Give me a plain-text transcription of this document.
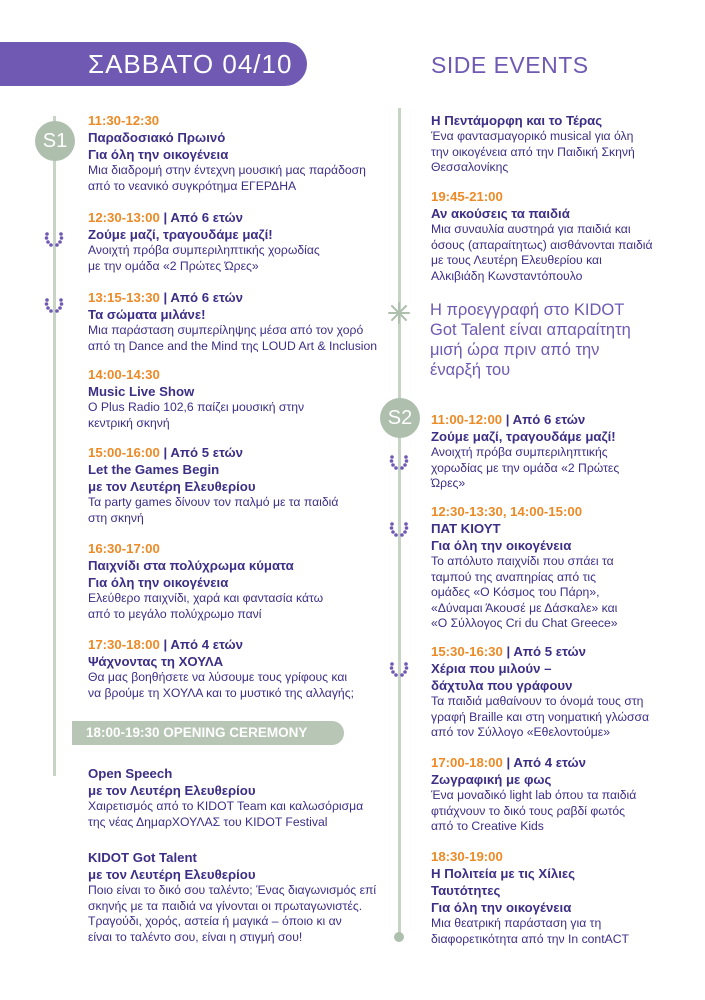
ΣΑΒΒΑΤΟ 04/10	SIDE EVENTS
S1
S2
11:30-12:30
Παραδοσιακό Πρωινό
Για όλη την οικογένεια
Μια διαδρομή στην έντεχνη μουσική μας παράδοση
από το νεανικό συγκρότημα ΕΓΕΡΔΗΑ
12:30-13:00 | Από 6 ετών
Ζούμε μαζί, τραγουδάμε μαζί!
Ανοιχτή πρόβα συμπεριληπτικής χορωδίας
με την ομάδα «2 Πρώτες Ώρες»
13:15-13:30 | Από 6 ετών
Τα σώματα μιλάνε!
Μια παράσταση συμπερίληψης μέσα από τον χορό
από τη Dance and the Mind της LOUD Art & Inclusion
14:00-14:30
Music Live Show
Ο Plus Radio 102,6 παίζει μουσική στην
κεντρική σκηνή
15:00-16:00 | Από 5 ετών
Let the Games Begin
με τον Λευτέρη Ελευθερίου
Τα party games δίνουν τον παλμό με τα παιδιά
στη σκηνή
16:30-17:00
Παιχνίδι στα πολύχρωμα κύματα
Για όλη την οικογένεια
Ελεύθερο παιχνίδι, χαρά και φαντασία κάτω
από το μεγάλο πολύχρωμο πανί
17:30-18:00 | Από 4 ετών
Ψάχνοντας τη ΧΟΥΛΑ
Θα μας βοηθήσετε να λύσουμε τους γρίφους και
να βρούμε τη ΧΟΥΛΑ και το μυστικό της αλλαγής;
18:00-19:30 OPENING CEREMONY
Open Speech
με τον Λευτέρη Ελευθερίου
Χαιρετισμός από το KIDOT Team και καλωσόρισμα
της νέας ΔημαρΧΟΥΛΑΣ του KIDOT Festival
KIDOT Got Talent
με τον Λευτέρη Ελευθερίου
Ποιο είναι το δικό σου ταλέντο; Ένας διαγωνισμός επί
σκηνής με τα παιδιά να γίνονται οι πρωταγωνιστές.
Τραγούδι, χορός, αστεία ή μαγικά – όποιο κι αν
είναι το ταλέντο σου, είναι η στιγμή σου!
Η Πεντάμορφη και το Τέρας
Ένα φαντασμαγορικό musical για όλη
την οικογένεια από την Παιδική Σκηνή
Θεσσαλονίκης
19:45-21:00
Αν ακούσεις τα παιδιά
Μια συναυλία αυστηρά για παιδιά και
όσους (απαραίτητως) αισθάνονται παιδιά
με τους Λευτέρη Ελευθερίου και
Αλκιβιάδη Κωνσταντόπουλο
Η προεγγραφή στο KIDOT
Got Talent είναι απαραίτητη
μισή ώρα πριν από την
έναρξή του
11:00-12:00 | Από 6 ετών
Ζούμε μαζί, τραγουδάμε μαζί!
Ανοιχτή πρόβα συμπεριληπτικής
χορωδίας με την ομάδα «2 Πρώτες
Ώρες»
12:30-13:30, 14:00-15:00
ΠΑΤ ΚΙΟΥΤ
Για όλη την οικογένεια
Το απόλυτο παιχνίδι που σπάει τα
ταμπού της αναπηρίας από τις
ομάδες «Ο Κόσμος του Πάρη»,
«Δύναμαι Άκουσέ με Δάσκαλε» και
«Ο Σύλλογος Cri du Chat Greece»
15:30-16:30 | Από 5 ετών
Χέρια που μιλούν –
δάχτυλα που γράφουν
Τα παιδιά μαθαίνουν το όνομά τους στη
γραφή Braille και στη νοηματική γλώσσα
από τον Σύλλογο «Εθελοντούμε»
17:00-18:00 | Από 4 ετών
Ζωγραφική με φως
Ένα μοναδικό light lab όπου τα παιδιά
φτιάχνουν το δικό τους ραβδί φωτός
από το Creative Kids
18:30-19:00
Η Πολιτεία με τις Χίλιες
Ταυτότητες
Για όλη την οικογένεια
Μια θεατρική παράσταση για τη
διαφορετικότητα από την In contACT
